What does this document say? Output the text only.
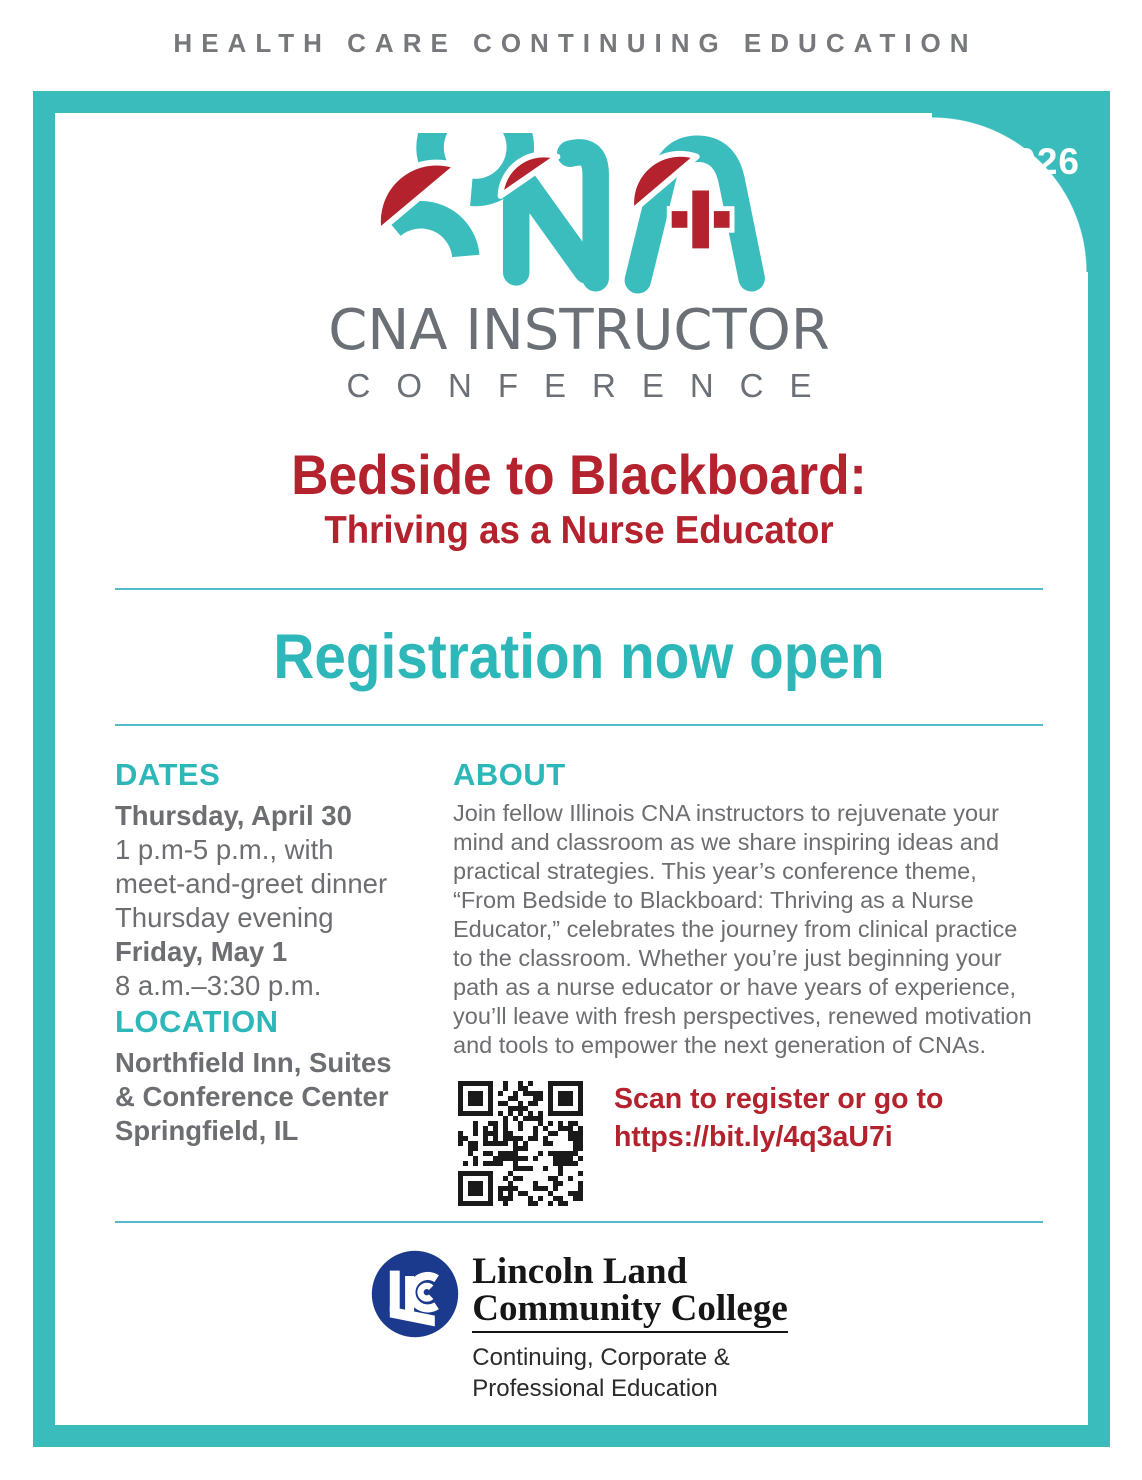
HEALTH CARE CONTINUING EDUCATION
2026
CNA INSTRUCTOR
CONFERENCE
Bedside to Blackboard:
Thriving as a Nurse Educator
Registration now open
DATES
Thursday, April 30
1 p.m-5 p.m., with
meet-and-greet dinner
Thursday evening
Friday, May 1
8 a.m.–3:30 p.m.
LOCATION
Northfield Inn, Suites
& Conference Center
Springfield, IL
ABOUT

Join fellow Illinois CNA instructors to rejuvenate your mind and classroom as we share inspiring ideas and practical strategies. This year’s conference theme, “From Bedside to Blackboard: Thriving as a Nurse Educator,” celebrates the journey from clinical practice to the classroom. Whether you’re just beginning your path as a nurse educator or have years of experience, you’ll leave with fresh perspectives, renewed motivation and tools to empower the next generation of CNAs.

Scan to register or go to
https://bit.ly/4q3aU7i
Lincoln Land
Community College
Continuing, Corporate &
Professional Education
